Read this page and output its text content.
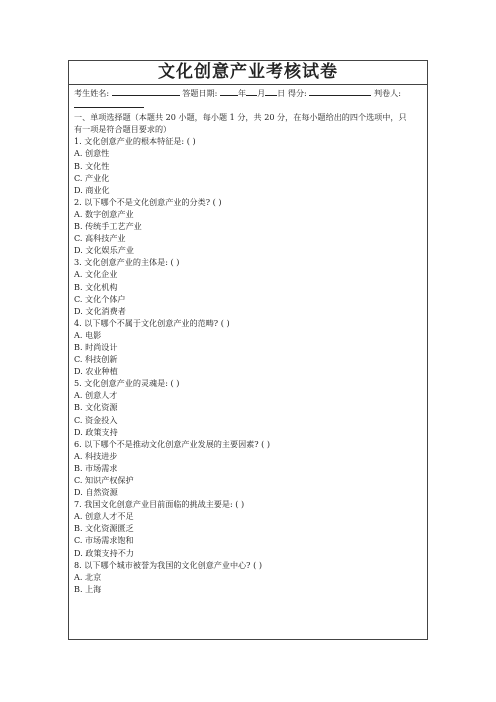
文化创意产业考核试卷
考生姓名:	答题日期:	年 月 日 得分:	判卷人:
一、单项选择题（本题共 20 小题，每小题 1 分，共 20 分，在每小题给出的四个选项中，只
有一项是符合题目要求的）
1. 文化创意产业的根本特征是: ( )
A. 创意性
B. 文化性
C. 产业化
D. 商业化
2. 以下哪个不是文化创意产业的分类? ( )
A. 数字创意产业
B. 传统手工艺产业
C. 高科技产业
D. 文化娱乐产业
3. 文化创意产业的主体是: ( )
A. 文化企业
B. 文化机构
C. 文化个体户
D. 文化消费者
4. 以下哪个不属于文化创意产业的范畴? ( )
A. 电影
B. 时尚设计
C. 科技创新
D. 农业种植
5. 文化创意产业的灵魂是: ( )
A. 创意人才
B. 文化资源
C. 资金投入
D. 政策支持
6. 以下哪个不是推动文化创意产业发展的主要因素? ( )
A. 科技进步
B. 市场需求
C. 知识产权保护
D. 自然资源
7. 我国文化创意产业目前面临的挑战主要是: ( )
A. 创意人才不足
B. 文化资源匮乏
C. 市场需求饱和
D. 政策支持不力
8. 以下哪个城市被誉为我国的文化创意产业中心? ( )
A. 北京
B. 上海
